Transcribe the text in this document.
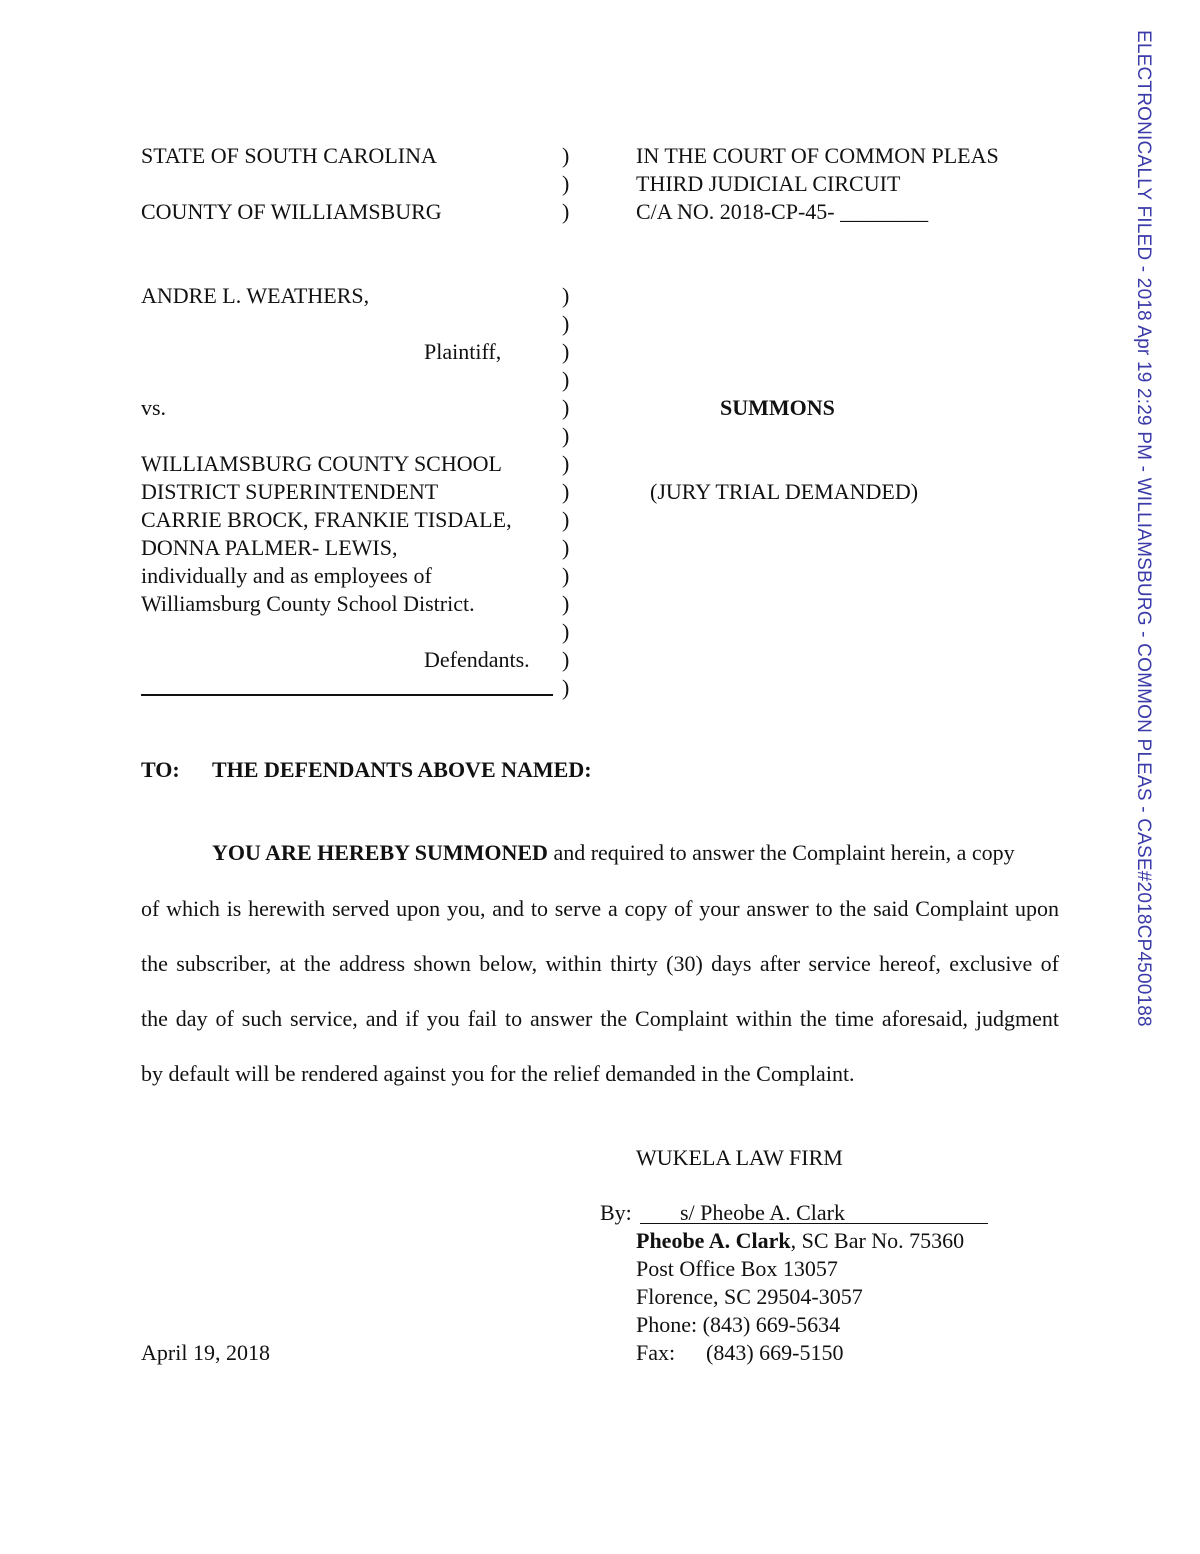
ELECTRONICALLY FILED - 2018 Apr 19 2:29 PM - WILLIAMSBURG - COMMON PLEAS - CASE#2018CP4500188
STATE OF SOUTH CAROLINA
COUNTY OF WILLIAMSBURG
IN THE COURT OF COMMON PLEAS
THIRD JUDICIAL CIRCUIT
C/A NO. 2018-CP-45- ________
)
)
)
)
)
)
)
)
)
)
)
)
)
)
)
)
)
)
ANDRE L. WEATHERS,
Plaintiff,
vs.
WILLIAMSBURG COUNTY SCHOOL
DISTRICT SUPERINTENDENT
CARRIE BROCK, FRANKIE TISDALE,
DONNA PALMER- LEWIS,
individually and as employees of
Williamsburg County School District.
Defendants.
SUMMONS
(JURY TRIAL DEMANDED)
TO: THE DEFENDANTS ABOVE NAMED:
YOU ARE HEREBY SUMMONED and required to answer the Complaint herein, a copy
of which is herewith served upon you, and to serve a copy of your answer to the said Complaint upon
the subscriber, at the address shown below, within thirty (30) days after service hereof, exclusive of
the day of such service, and if you fail to answer the Complaint within the time aforesaid, judgment
by default will be rendered against you for the relief demanded in the Complaint.
WUKELA LAW FIRM
By: s/ Pheobe A. Clark
Pheobe A. Clark, SC Bar No. 75360
Post Office Box 13057
Florence, SC 29504-3057
Phone: (843) 669-5634
Fax: (843) 669-5150
April 19, 2018
